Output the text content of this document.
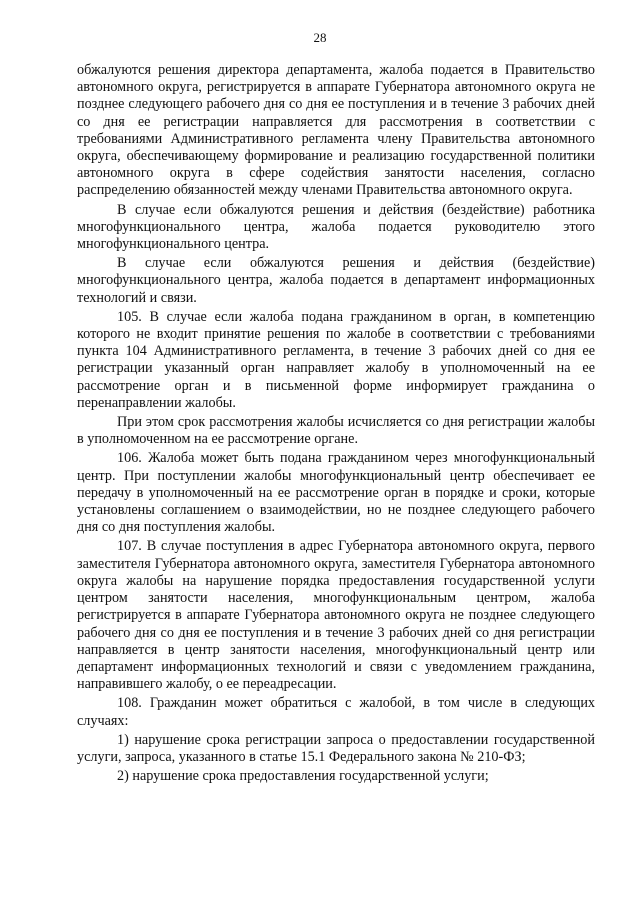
28

обжалуются решения директора департамента, жалоба подается в Правительство автономного округа, регистрируется в аппарате Губернатора автономного округа не позднее следующего рабочего дня со дня ее поступления и в течение 3 рабочих дней со дня ее регистрации направляется для рассмотрения в соответствии с требованиями Административного регламента члену Правительства автономного округа, обеспечивающему формирование и реализацию государственной политики автономного округа в сфере содействия занятости населения, согласно распределению обязанностей между членами Правительства автономного округа.

В случае если обжалуются решения и действия (бездействие) работника многофункционального центра, жалоба подается руководителю этого многофункционального центра.

В случае если обжалуются решения и действия (бездействие) многофункционального центра, жалоба подается в департамент информационных технологий и связи.

105. В случае если жалоба подана гражданином в орган, в компетенцию которого не входит принятие решения по жалобе в соответствии с требованиями пункта 104 Административного регламента, в течение 3 рабочих дней со дня ее регистрации указанный орган направляет жалобу в уполномоченный на ее рассмотрение орган и в письменной форме информирует гражданина о перенаправлении жалобы.

При этом срок рассмотрения жалобы исчисляется со дня регистрации жалобы в уполномоченном на ее рассмотрение органе.

106. Жалоба может быть подана гражданином через многофункциональный центр. При поступлении жалобы многофункциональный центр обеспечивает ее передачу в уполномоченный на ее рассмотрение орган в порядке и сроки, которые установлены соглашением о взаимодействии, но не позднее следующего рабочего дня со дня поступления жалобы.

107. В случае поступления в адрес Губернатора автономного округа, первого заместителя Губернатора автономного округа, заместителя Губернатора автономного округа жалобы на нарушение порядка предоставления государственной услуги центром занятости населения, многофункциональным центром, жалоба регистрируется в аппарате Губернатора автономного округа не позднее следующего рабочего дня со дня ее поступления и в течение 3 рабочих дней со дня регистрации направляется в центр занятости населения, многофункциональный центр или департамент информационных технологий и связи с уведомлением гражданина, направившего жалобу, о ее переадресации.

108. Гражданин может обратиться с жалобой, в том числе в следующих случаях:

1) нарушение срока регистрации запроса о предоставлении государственной услуги, запроса, указанного в статье 15.1 Федерального закона № 210-ФЗ;

2) нарушение срока предоставления государственной услуги;
